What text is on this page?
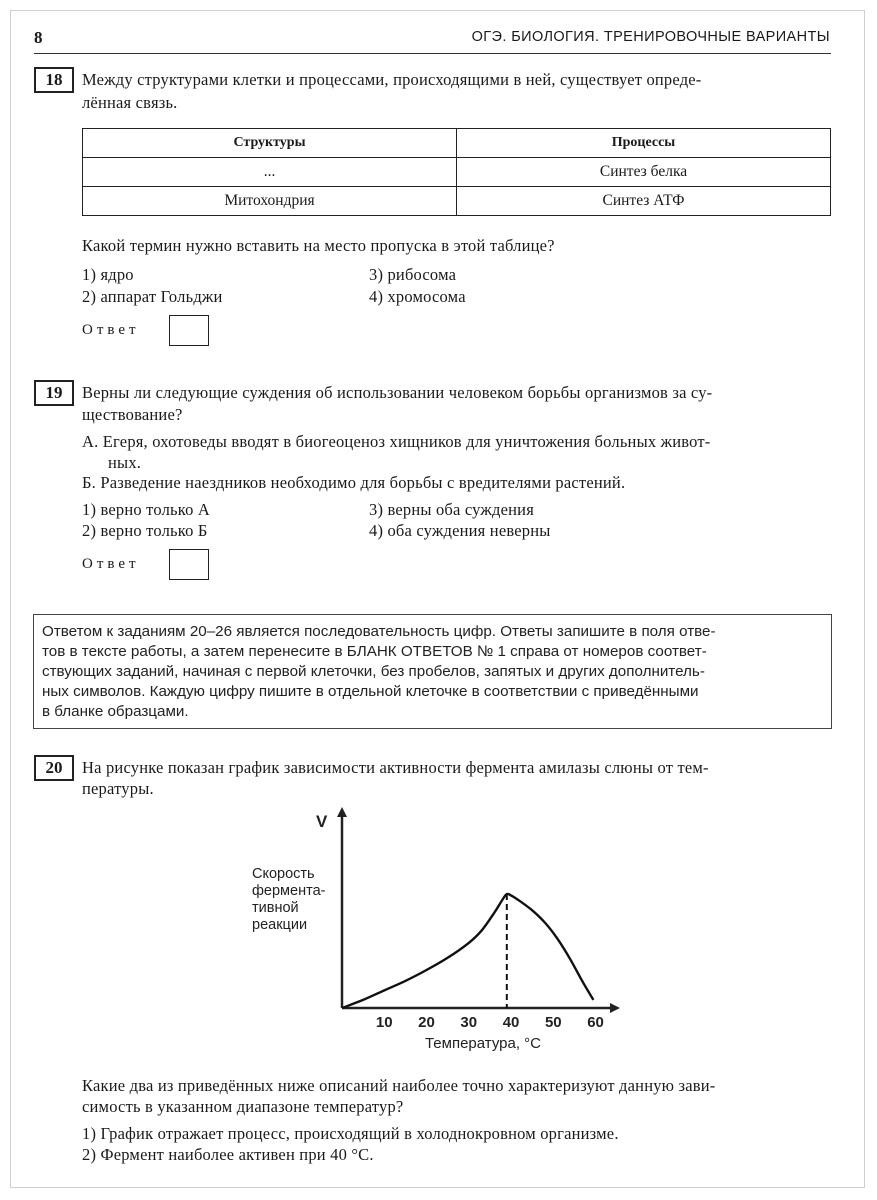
8	ОГЭ. БИОЛОГИЯ. ТРЕНИРОВОЧНЫЕ ВАРИАНТЫ
18	Между структурами клетки и процессами, происходящими в ней, существует опреде-
лённая связь.
Структуры	Процессы
...	Синтез белка
Митохондрия	Синтез АТФ
Какой термин нужно вставить на место пропуска в этой таблице?
1) ядро
2) аппарат Гольджи
3) рибосома
4) хромосома
Ответ
19	Верны ли следующие суждения об использовании человеком борьбы организмов за су-
ществование?
А. Егеря, охотоведы вводят в биогеоценоз хищников для уничтожения больных живот-
ных.
Б. Разведение наездников необходимо для борьбы с вредителями растений.
1) верно только А
2) верно только Б
3) верны оба суждения
4) оба суждения неверны
Ответ
Ответом к заданиям 20–26 является последовательность цифр. Ответы запишите в поля отве-
тов в тексте работы, а затем перенесите в БЛАНК ОТВЕТОВ № 1 справа от номеров соответ-
ствующих заданий, начиная с первой клеточки, без пробелов, запятых и других дополнитель-
ных символов. Каждую цифру пишите в отдельной клеточке в соответствии с приведёнными
в бланке образцами.
20	На рисунке показан график зависимости активности фермента амилазы слюны от тем-
пературы.
V
Скорость
фермента-
тивной
реакции
10 20 30 40 50 60
Температура, °С
Какие два из приведённых ниже описаний наиболее точно характеризуют данную зави-
симость в указанном диапазоне температур?
1) График отражает процесс, происходящий в холоднокровном организме.
2) Фермент наиболее активен при 40 °С.
